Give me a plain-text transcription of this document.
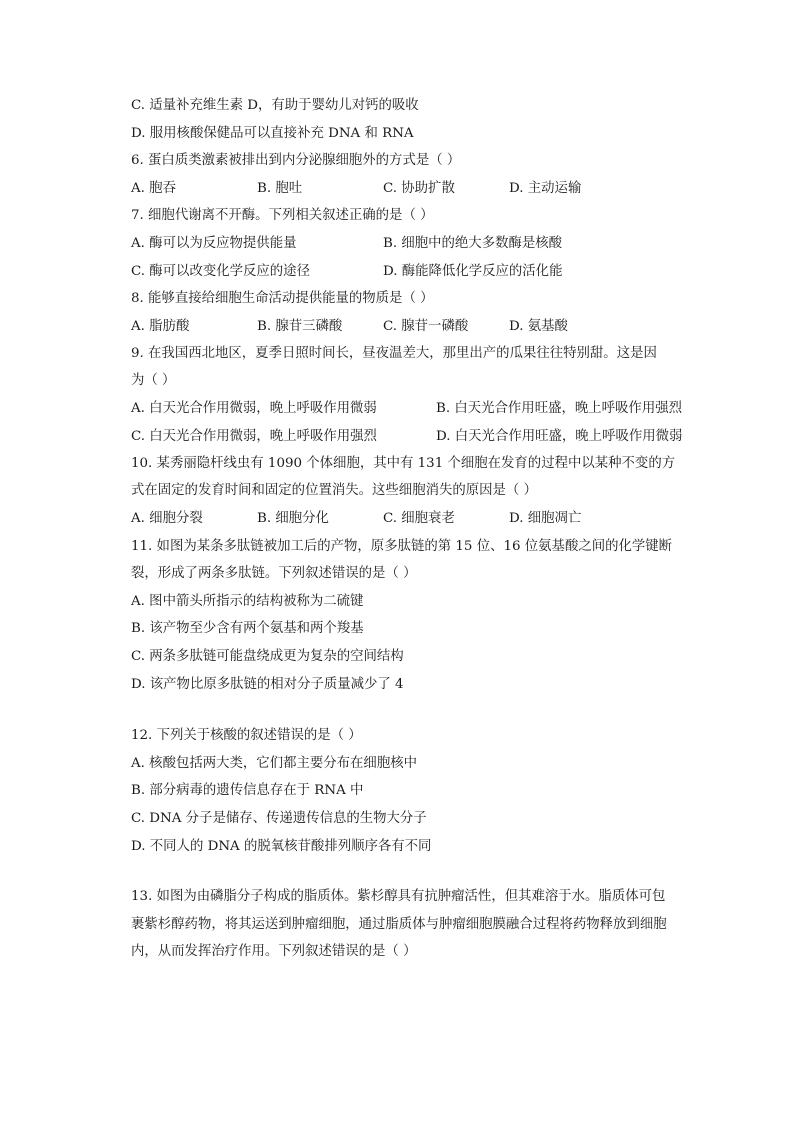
C. 适量补充维生素 D，有助于婴幼儿对钙的吸收
D. 服用核酸保健品可以直接补充 DNA 和 RNA
6. 蛋白质类激素被排出到内分泌腺细胞外的方式是（ ）
A. 胞吞	B. 胞吐	C. 协助扩散	D. 主动运输
7. 细胞代谢离不开酶。下列相关叙述正确的是（ ）
A. 酶可以为反应物提供能量	B. 细胞中的绝大多数酶是核酸
C. 酶可以改变化学反应的途径	D. 酶能降低化学反应的活化能
8. 能够直接给细胞生命活动提供能量的物质是（ ）
A. 脂肪酸	B. 腺苷三磷酸	C. 腺苷一磷酸	D. 氨基酸
9. 在我国西北地区，夏季日照时间长，昼夜温差大，那里出产的瓜果往往特别甜。这是因
为（ ）
A. 白天光合作用微弱，晚上呼吸作用微弱	B. 白天光合作用旺盛，晚上呼吸作用强烈
C. 白天光合作用微弱，晚上呼吸作用强烈	D. 白天光合作用旺盛，晚上呼吸作用微弱
10. 某秀丽隐杆线虫有 1090 个体细胞，其中有 131 个细胞在发育的过程中以某种不变的方
式在固定的发育时间和固定的位置消失。这些细胞消失的原因是（ ）
A. 细胞分裂	B. 细胞分化	C. 细胞衰老	D. 细胞凋亡
11. 如图为某条多肽链被加工后的产物，原多肽链的第 15 位、16 位氨基酸之间的化学键断
裂，形成了两条多肽链。下列叙述错误的是（ ）
A. 图中箭头所指示的结构被称为二硫键
B. 该产物至少含有两个氨基和两个羧基
C. 两条多肽链可能盘绕成更为复杂的空间结构
D. 该产物比原多肽链的相对分子质量减少了 4
12. 下列关于核酸的叙述错误的是（ ）
A. 核酸包括两大类，它们都主要分布在细胞核中
B. 部分病毒的遗传信息存在于 RNA 中
C. DNA 分子是储存、传递遗传信息的生物大分子
D. 不同人的 DNA 的脱氧核苷酸排列顺序各有不同
13. 如图为由磷脂分子构成的脂质体。紫杉醇具有抗肿瘤活性，但其难溶于水。脂质体可包
裹紫杉醇药物，将其运送到肿瘤细胞，通过脂质体与肿瘤细胞膜融合过程将药物释放到细胞
内，从而发挥治疗作用。下列叙述错误的是（ ）
